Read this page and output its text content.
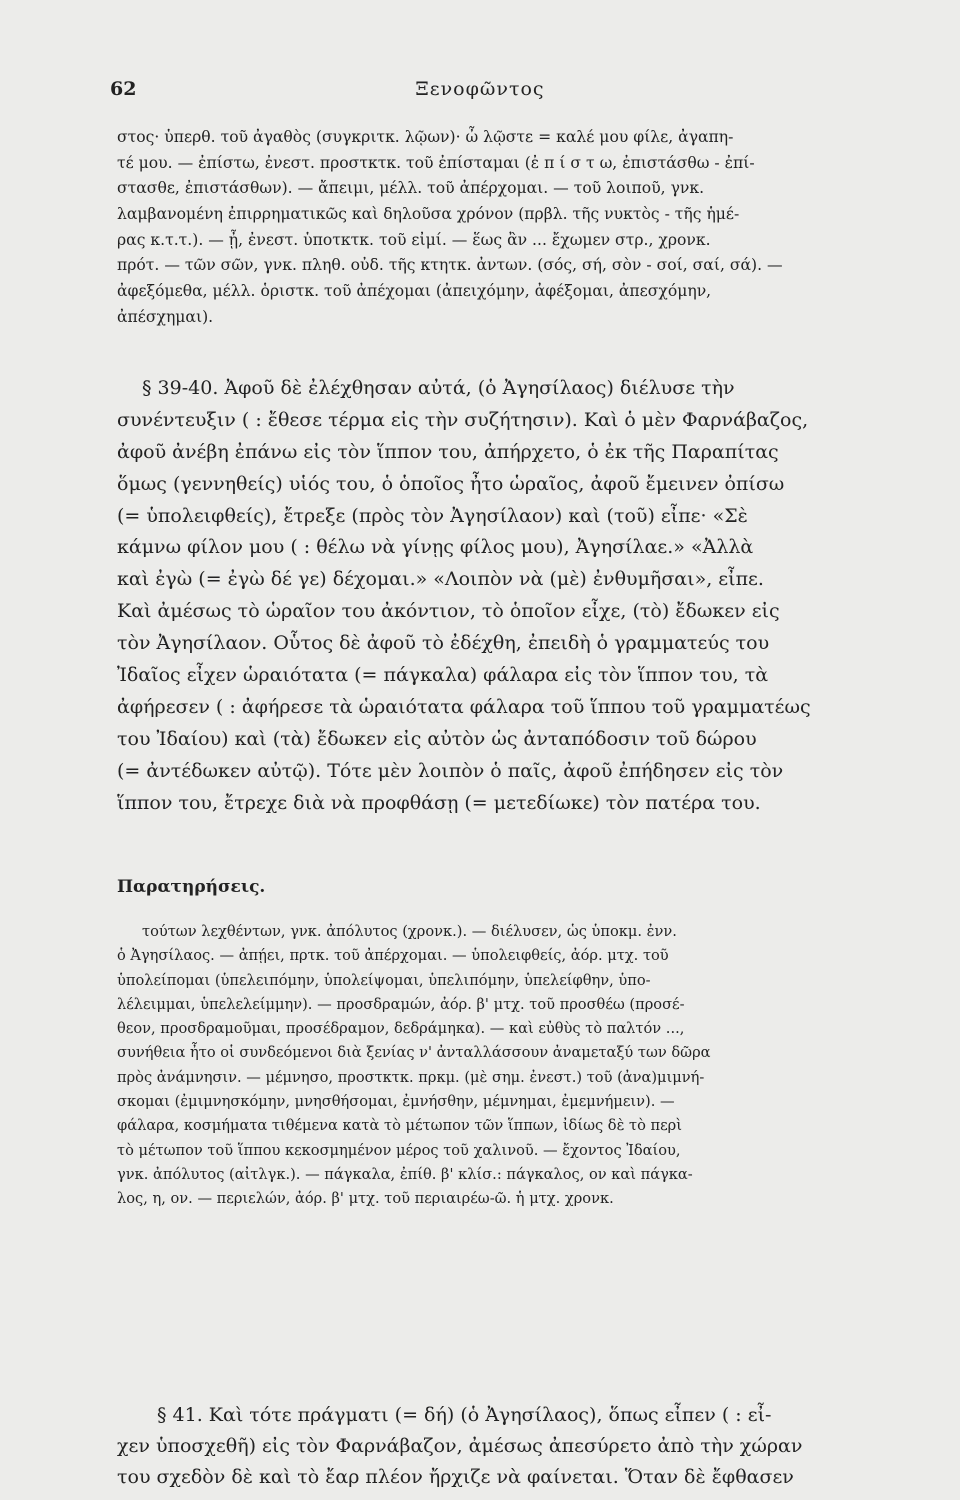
62	Ξενοφῶντος
στος· ὑπερθ. τοῦ ἀγαθὸς (συγκριτκ. λῷων)· ὦ λῷστε = καλέ μου φίλε, ἀγαπη-
τέ μου. — ἐπίστω, ἐνεστ. προστκτκ. τοῦ ἐπίσταμαι (ἐ π ί σ τ ω, ἐπιστάσθω - ἐπί-
στασθε, ἐπιστάσθων). — ἄπειμι, μέλλ. τοῦ ἀπέρχομαι. — τοῦ λοιποῦ, γνκ.
λαμβανομένη ἐπιρρηματικῶς καὶ δηλοῦσα χρόνον (πρβλ. τῆς νυκτὸς - τῆς ἡμέ-
ρας κ.τ.τ.). — ᾖ, ἐνεστ. ὑποτκτκ. τοῦ εἰμί. — ἕως ἂν ... ἔχωμεν στρ., χρονκ.
πρότ. — τῶν σῶν, γνκ. πληθ. οὐδ. τῆς κτητκ. ἀντων. (σός, σή, σὸν - σοί, σαί, σά). —
ἀφεξόμεθα, μέλλ. ὁριστκ. τοῦ ἀπέχομαι (ἀπειχόμην, ἀφέξομαι, ἀπεσχόμην,
ἀπέσχημαι).
§ 39-40. Ἀφοῦ δὲ ἐλέχθησαν αὐτά, (ὁ Ἀγησίλαος) διέλυσε τὴν
συνέντευξιν ( : ἔθεσε τέρμα εἰς τὴν συζήτησιν). Καὶ ὁ μὲν Φαρνάβαζος,
ἀφοῦ ἀνέβη ἐπάνω εἰς τὸν ἵππον του, ἀπήρχετο, ὁ ἐκ τῆς Παραπίτας
ὅμως (γεννηθείς) υἱός του, ὁ ὁποῖος ἦτο ὡραῖος, ἀφοῦ ἔμεινεν ὀπίσω
(= ὑπολειφθείς), ἔτρεξε (πρὸς τὸν Ἀγησίλαον) καὶ (τοῦ) εἶπε· «Σὲ
κάμνω φίλον μου ( : θέλω νὰ γίνῃς φίλος μου), Ἀγησίλαε.» «Ἀλλὰ
καὶ ἐγὼ (= ἐγὼ δέ γε) δέχομαι.» «Λοιπὸν νὰ (μὲ) ἐνθυμῆσαι», εἶπε.
Καὶ ἀμέσως τὸ ὡραῖον του ἀκόντιον, τὸ ὁποῖον εἶχε, (τὸ) ἔδωκεν εἰς
τὸν Ἀγησίλαον. Οὗτος δὲ ἀφοῦ τὸ ἐδέχθη, ἐπειδὴ ὁ γραμματεύς του
Ἰδαῖος εἶχεν ὡραιότατα (= πάγκαλα) φάλαρα εἰς τὸν ἵππον του, τὰ
ἀφήρεσεν ( : ἀφήρεσε τὰ ὡραιότατα φάλαρα τοῦ ἵππου τοῦ γραμματέως
του Ἰδαίου) καὶ (τὰ) ἔδωκεν εἰς αὐτὸν ὡς ἀνταπόδοσιν τοῦ δώρου
(= ἀντέδωκεν αὐτῷ). Τότε μὲν λοιπὸν ὁ παῖς, ἀφοῦ ἐπήδησεν εἰς τὸν
ἵππον του, ἔτρεχε διὰ νὰ προφθάσῃ (= μετεδίωκε) τὸν πατέρα του.
Παρατηρήσεις.
τούτων λεχθέντων, γνκ. ἀπόλυτος (χρονκ.). — διέλυσεν, ὡς ὑποκμ. ἐνν.
ὁ Ἀγησίλαος. — ἀπῄει, πρτκ. τοῦ ἀπέρχομαι. — ὑπολειφθείς, ἀόρ. μτχ. τοῦ
ὑπολείπομαι (ὑπελειπόμην, ὑπολείψομαι, ὑπελιπόμην, ὑπελείφθην, ὑπο-
λέλειμμαι, ὑπελελείμμην). — προσδραμών, ἀόρ. β' μτχ. τοῦ προσθέω (προσέ-
θεον, προσδραμοῦμαι, προσέδραμον, δεδράμηκα). — καὶ εὐθὺς τὸ παλτόν ...,
συνήθεια ἦτο οἱ συνδεόμενοι διὰ ξενίας ν' ἀνταλλάσσουν ἀναμεταξύ των δῶρα
πρὸς ἀνάμνησιν. — μέμνησο, προστκτκ. πρκμ. (μὲ σημ. ἐνεστ.) τοῦ (ἀνα)μιμνή-
σκομαι (ἐμιμνησκόμην, μνησθήσομαι, ἐμνήσθην, μέμνημαι, ἐμεμνήμειν). —
φάλαρα, κοσμήματα τιθέμενα κατὰ τὸ μέτωπον τῶν ἵππων, ἰδίως δὲ τὸ περὶ
τὸ μέτωπον τοῦ ἵππου κεκοσμημένον μέρος τοῦ χαλινοῦ. — ἔχοντος Ἰδαίου,
γνκ. ἀπόλυτος (αἰτλγκ.). — πάγκαλα, ἐπίθ. β' κλίσ.: πάγκαλος, ον καὶ πάγκα-
λος, η, ον. — περιελών, ἀόρ. β' μτχ. τοῦ περιαιρέω-ῶ. ἡ μτχ. χρονκ.
§ 41. Καὶ τότε πράγματι (= δή) (ὁ Ἀγησίλαος), ὅπως εἶπεν ( : εἶ-
χεν ὑποσχεθῆ) εἰς τὸν Φαρνάβαζον, ἀμέσως ἀπεσύρετο ἀπὸ τὴν χώραν
του σχεδὸν δὲ καὶ τὸ ἔαρ πλέον ἤρχιζε νὰ φαίνεται. Ὅταν δὲ ἔφθασεν
